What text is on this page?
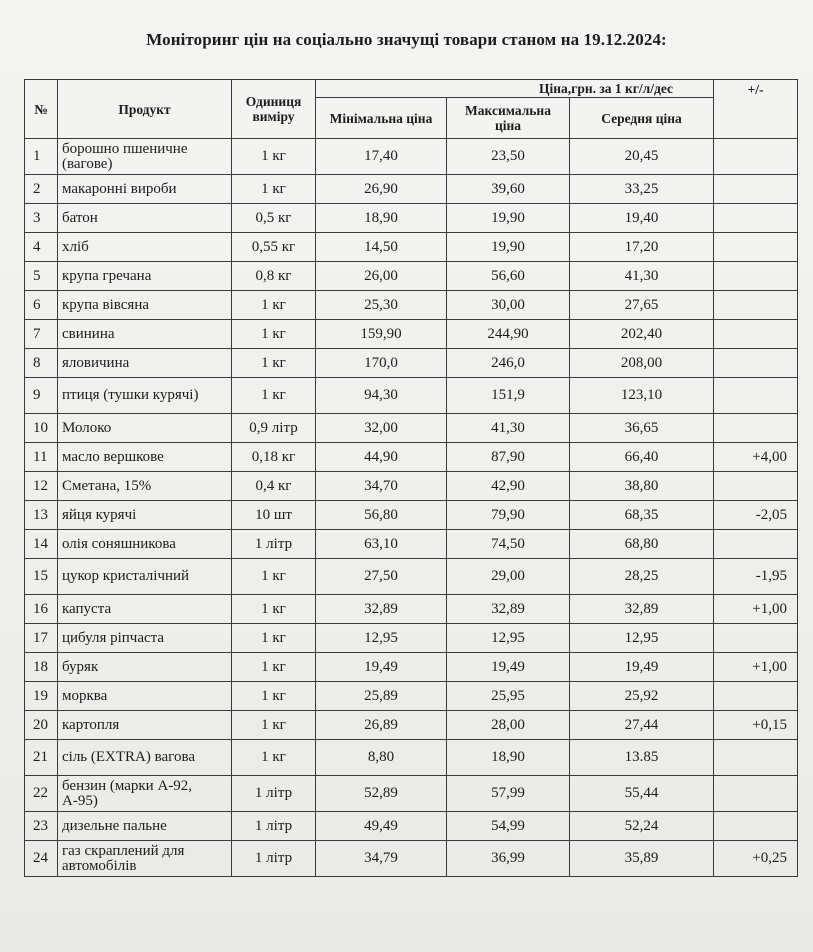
Моніторинг цін на соціально значущі товари станом на 19.12.2024:
№	Продукт	Одиниця виміру	Ціна,грн. за 1 кг/л/дес			+/-
			Мінімальна ціна	Максимальна ціна	Середня ціна	
1	борошно пшеничне (вагове)	1 кг	17,40	23,50	20,45	
2	макаронні вироби	1 кг	26,90	39,60	33,25	
3	батон	0,5 кг	18,90	19,90	19,40	
4	хліб	0,55 кг	14,50	19,90	17,20	
5	крупа гречана	0,8 кг	26,00	56,60	41,30	
6	крупа вівсяна	1 кг	25,30	30,00	27,65	
7	свинина	1 кг	159,90	244,90	202,40	
8	яловичина	1 кг	170,0	246,0	208,00	
9	птиця (тушки курячі)	1 кг	94,30	151,9	123,10	
10	Молоко	0,9 літр	32,00	41,30	36,65	
11	масло вершкове	0,18 кг	44,90	87,90	66,40	+4,00
12	Сметана, 15%	0,4 кг	34,70	42,90	38,80	
13	яйця курячі	10 шт	56,80	79,90	68,35	-2,05
14	олія соняшникова	1 літр	63,10	74,50	68,80	
15	цукор кристалічний	1 кг	27,50	29,00	28,25	-1,95
16	капуста	1 кг	32,89	32,89	32,89	+1,00
17	цибуля ріпчаста	1 кг	12,95	12,95	12,95	
18	буряк	1 кг	19,49	19,49	19,49	+1,00
19	морква	1 кг	25,89	25,95	25,92	
20	картопля	1 кг	26,89	28,00	27,44	+0,15
21	сіль (EXTRA) вагова	1 кг	8,80	18,90	13.85	
22	бензин (марки А-92, А-95)	1 літр	52,89	57,99	55,44	
23	дизельне пальне	1 літр	49,49	54,99	52,24	
24	газ скраплений для автомобілів	1 літр	34,79	36,99	35,89	+0,25
